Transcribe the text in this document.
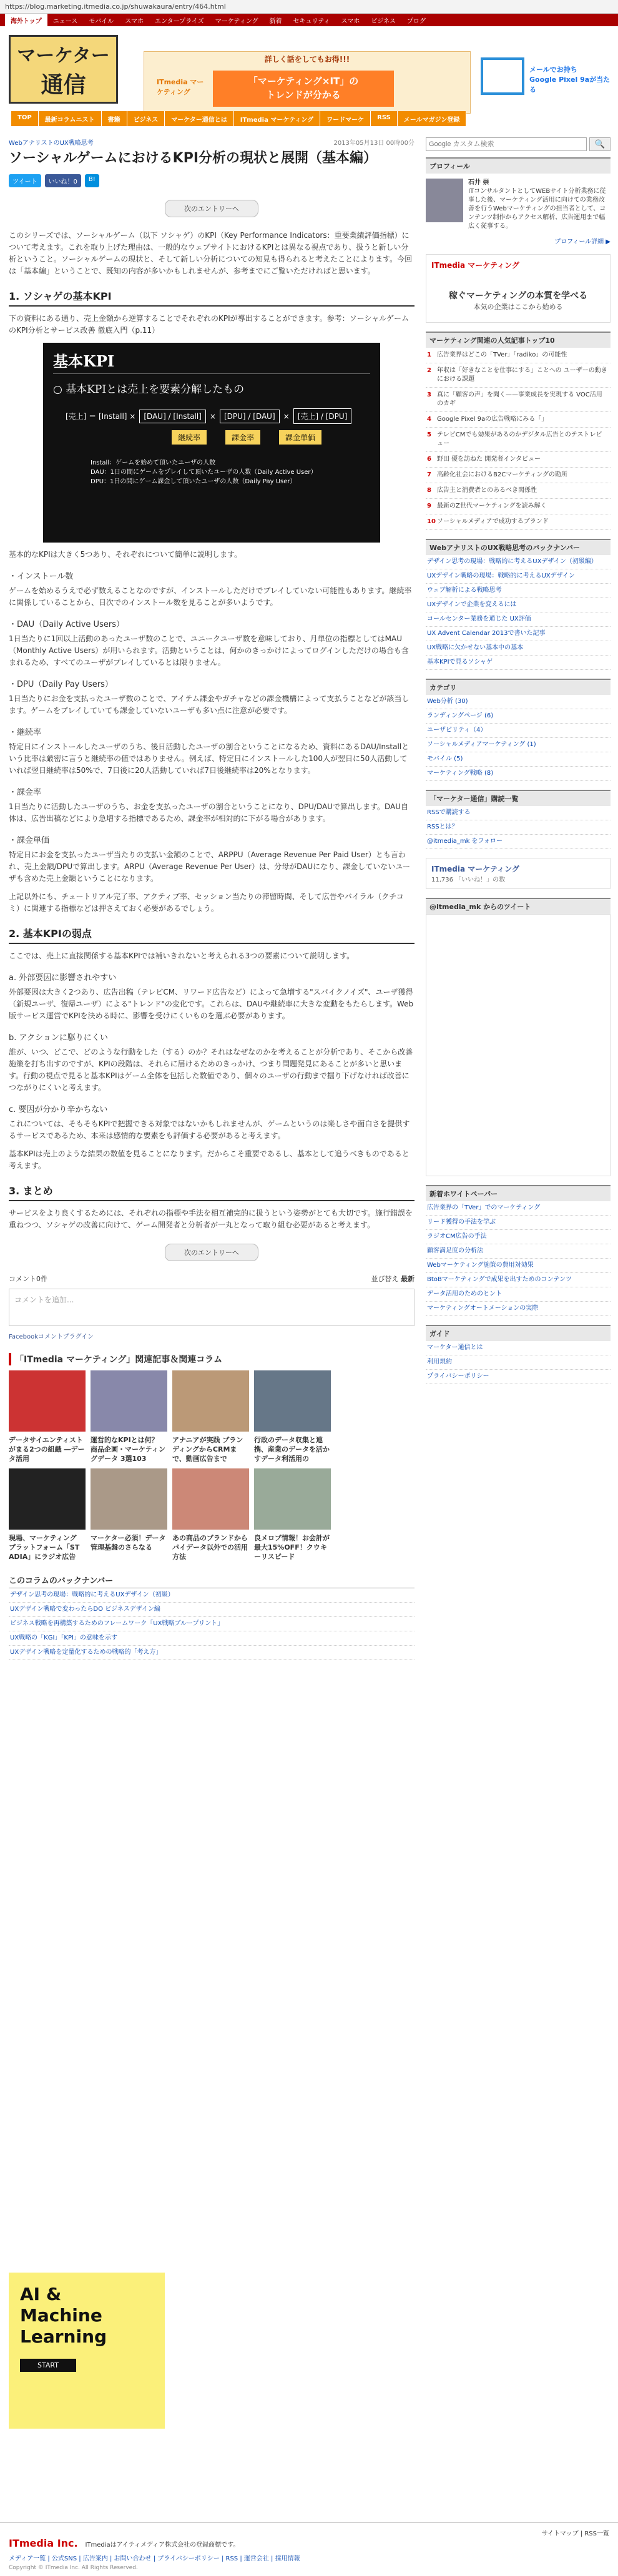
https://blog.marketing.itmedia.co.jp/shuwakaura/entry/464.html
海外トップ	ニュース	モバイル	スマホ	エンタープライズ	マーケティング	新着	セキュリティ	スマホ	ビジネス	プログ
マーケター
通信
詳しく話をしてもお得!!!
ITmedia マーケティング
「マーケティング×IT」の
トレンドが分かる
メールでお持ち
Google Pixel 9aが当たる
TOP	最新コラムニスト	書籍	ビジネス	マーケター通信とは	ITmedia マーケティング	ワードマーケ	RSS	メールマガジン登録
WebアナリストのUX戦略思考	2013年05月13日 00時00分
ソーシャルゲームにおけるKPI分析の現状と展開（基本編）
ツイート	いいね！0	B!
次のエントリーへ

このシリーズでは、ソーシャルゲーム（以下 ソシャゲ）のKPI（Key Performance Indicators：重要業績評価指標）について考えます。これを取り上げた理由は、一般的なウェブサイトにおけるKPIとは異なる視点であり、扱うと新しい分析ということ。ソーシャルゲームの現状と、そして新しい分析についての知見も得られると考えたことによります。今回は「基本編」ということで、既知の内容が多いかもしれませんが、参考までにご覧いただければと思います。

1. ソシャゲの基本KPI

下の資料にある通り、売上金額から逆算することでそれぞれのKPIが導出することができます。参考：ソーシャルゲームのKPI分析とサービス改善 徹底入門（p.11）

基本KPI
○ 基本KPIとは売上を要素分解したもの
[売上] ＝ [Install] ×	[DAU] / [Install]	×	[DPU] / [DAU]	×	[売上] / [DPU]
継続率	課金率	課金単価
Install：ゲームを始めて頂いたユーザの人数
DAU：1日の間にゲームをプレイして頂いたユーザの人数（Daily Active User）
DPU：1日の間にゲーム課金して頂いたユーザの人数（Daily Pay User）

基本的なKPIは大きく5つあり、それぞれについて簡単に説明します。

・インストール数

ゲームを始めるうえで必ず数えることなのですが、インストールしただけでプレイしていない可能性もあります。継続率に関係していることから、日次でのインストール数を見ることが多いようです。

・DAU（Daily Active Users）

1日当たりに1回以上活動のあったユーザ数のことで、ユニークユーザ数を意味しており、月単位の指標としてはMAU（Monthly Active Users）が用いられます。活動ということは、何かのきっかけによってログインしただけの場合も含まれるため、すべてのユーザがプレイしているとは限りません。

・DPU（Daily Pay Users）

1日当たりにお金を支払ったユーザ数のことで、アイテム課金やガチャなどの課金機構によって支払うことなどが該当します。ゲームをプレイしていても課金していないユーザも多い点に注意が必要です。

・継続率

特定日にインストールしたユーザのうち、後日活動したユーザの割合ということになるため、資料にあるDAU/Installという比率は厳密に言うと継続率の値ではありません。例えば、特定日にインストールした100人が翌日に50人活動していれば翌日継続率は50%で、7日後に20人活動していれば7日後継続率は20%となります。

・課金率

1日当たりに活動したユーザのうち、お金を支払ったユーザの割合ということになり、DPU/DAUで算出します。DAU自体は、広告出稿などにより急増する指標であるため、課金率が相対的に下がる場合があります。

・課金単価

特定日にお金を支払ったユーザ当たりの支払い金額のことで、ARPPU（Average Revenue Per Paid User）とも言われ、売上金額/DPUで算出します。ARPU（Average Revenue Per User）は、分母がDAUになり、課金していないユーザも含めた売上金額ということになります。

上記以外にも、チュートリアル完了率、アクティブ率、セッション当たりの滞留時間、そして広告やバイラル（クチコミ）に関連する指標などは押さえておく必要があるでしょう。

2. 基本KPIの弱点

ここでは、売上に直接関係する基本KPIでは補いきれないと考えられる3つの要素について説明します。

a. 外部要因に影響されやすい

外部要因は大きく2つあり、広告出稿（テレビCM、リワード広告など）によって急増する"スパイクノイズ"、ユーザ獲得（新規ユーザ、復帰ユーザ）による"トレンド"の変化です。これらは、DAUや継続率に大きな変動をもたらします。Web版サービス運営でKPIを決める時に、影響を受けにくいものを選ぶ必要があります。

b. アクションに駆りにくい

誰が、いつ、どこで、どのような行動をした（する）のか？それはなぜなのかを考えることが分析であり、そこから改善施策を打ち出すのですが、KPIの段階は、それらに届けるためのきっかけ、つまり問題発見にあることが多いと思います。行動の視点で見ると基本KPIはゲーム全体を包括した数値であり、個々のユーザの行動まで掘り下げなければ改善につながりにくいと考えます。

c. 要因が分かり辛かちない

これについては、そもそもKPIで把握できる対象ではないかもしれませんが、ゲームというのは楽しさや面白さを提供するサービスであるため、本来は感情的な要素をも評価する必要があると考えます。

基本KPIは売上のような結果の数値を見ることになります。だからこそ重要であるし、基本として追うべきものであると考えます。

3. まとめ

サービスをより良くするためには、それぞれの指標や手法を相互補完的に扱うという姿勢がとても大切です。施行錯誤を重ねつつ、ソシャゲの改善に向けて、ゲーム開発者と分析者が一丸となって取り組む必要があると考えます。

次のエントリーへ
コメント0件	並び替え 最新
コメントを追加...
Facebookコメントプラグイン
「ITmedia マーケティング」関連記事＆関連コラム
データサイエンティストがまる2つの組織 ―データ活用
運営的なKPIとは何？ 商品企画・マーケティングデータ 3選103
アナニアが実践 ブランディングからCRMまで、動画広告まで
行政のデータ収集と連携、産業のデータを活かすデータ利活用の
現場、マーケティング プラットフォーム「ST ADIA」にラジオ広告
マーケター必須！データ管理基盤のさらなる
あの商品のブランドからパイデータ以外での活用方法
良メロブ情報！お会計が最大15%OFF！クウキーリスピード
このコラムのバックナンバー
デザイン思考の現場：戦略的に考えるUXデザイン（初級）
UXデザイン戦略で変わったらDO ビジネスデザイン編
ビジネス戦略を再構築するためのフレームワーク「UX戦略ブループリント」
UX戦略の「KGI」「KPI」の意味を示す
UXデザイン戦略を定量化するための戦略的「考え方」
Google カスタム検索
🔍
プロフィール
石井 崇
ITコンサルタントとしてWEBサイト分析業務に従事した後、マーケティング活用に向けての業務改善を行うWebマーケティングの担当者として、コンテンツ制作からアクセス解析、広告運用まで幅広く従事する。
プロフィール詳細 ▶
ITmedia マーケティング
稼ぐマーケティングの本質を学べる
本気の企業はここから始める
マーケティング関連の人気記事トップ10
1 広告業界はどこの「TVer」「radiko」の可能性
2 年収は「好きなことを仕事にする」ことへの ユーザーの動きにおける課題
3 真に「顧客の声」を聞く——事業成長を実現する VOC活用のカギ
4 Google Pixel 9aの広告戦略にみる「」
5 テレビCMでも効果があるのかデジタル広告とのテストレビュー
6 野田 優を訪ねた 開発者インタビュー
7 高齢化社会におけるB2Cマーケティングの勘所
8 広告主と消費者とのあるべき関係性
9 最新のZ世代マーケティングを読み解く
10 ソーシャルメディアで成功するブランド
WebアナリストのUX戦略思考のバックナンバー
デザイン思考の現場：戦略的に考えるUXデザイン（初級編）
UXデザイン戦略の現場：戦略的に考えるUXデザイン
ウェブ解析による戦略思考
UXデザインで企業を変えるには
コールセンター業務を通じた UX評価
UX Advent Calendar 2013で書いた記事
UX戦略に欠かせない基本中の基本
基本KPIで見るソシャゲ
カテゴリ
Web分析 (30)
ランディングページ (6)
ユーザビリティ（4）
ソーシャルメディアマーケティング (1)
モバイル (5)
マーケティング戦略 (8)
「マーケター通信」購読一覧
RSSで購読する
RSSとは？
@itmedia_mk をフォロー
ITmedia マーケティング
11,736 「いいね！」の数
@itmedia_mk からのツイート
新着ホワイトペーパー
広告業界の「TVer」でのマーケティング
リード獲得の手法を学ぶ
ラジオCM広告の手法
顧客満足度の分析法
Webマーケティング施策の費用対効果
BtoBマーケティングで成果を出すためのコンテンツ
データ活用のためのヒント
マーケティングオートメーションの実際
ガイド
マーケター通信とは
利用規約
プライバシーポリシー
AI &
Machine
Learning
START
サイトマップ | RSS一覧
ITmedia Inc. ITmediaはアイティメディア株式会社の登録商標です。
メディア一覧 | 公式SNS | 広告案内 | お問い合わせ | プライバシーポリシー | RSS | 運営会社 | 採用情報
Copyright © ITmedia Inc. All Rights Reserved.
